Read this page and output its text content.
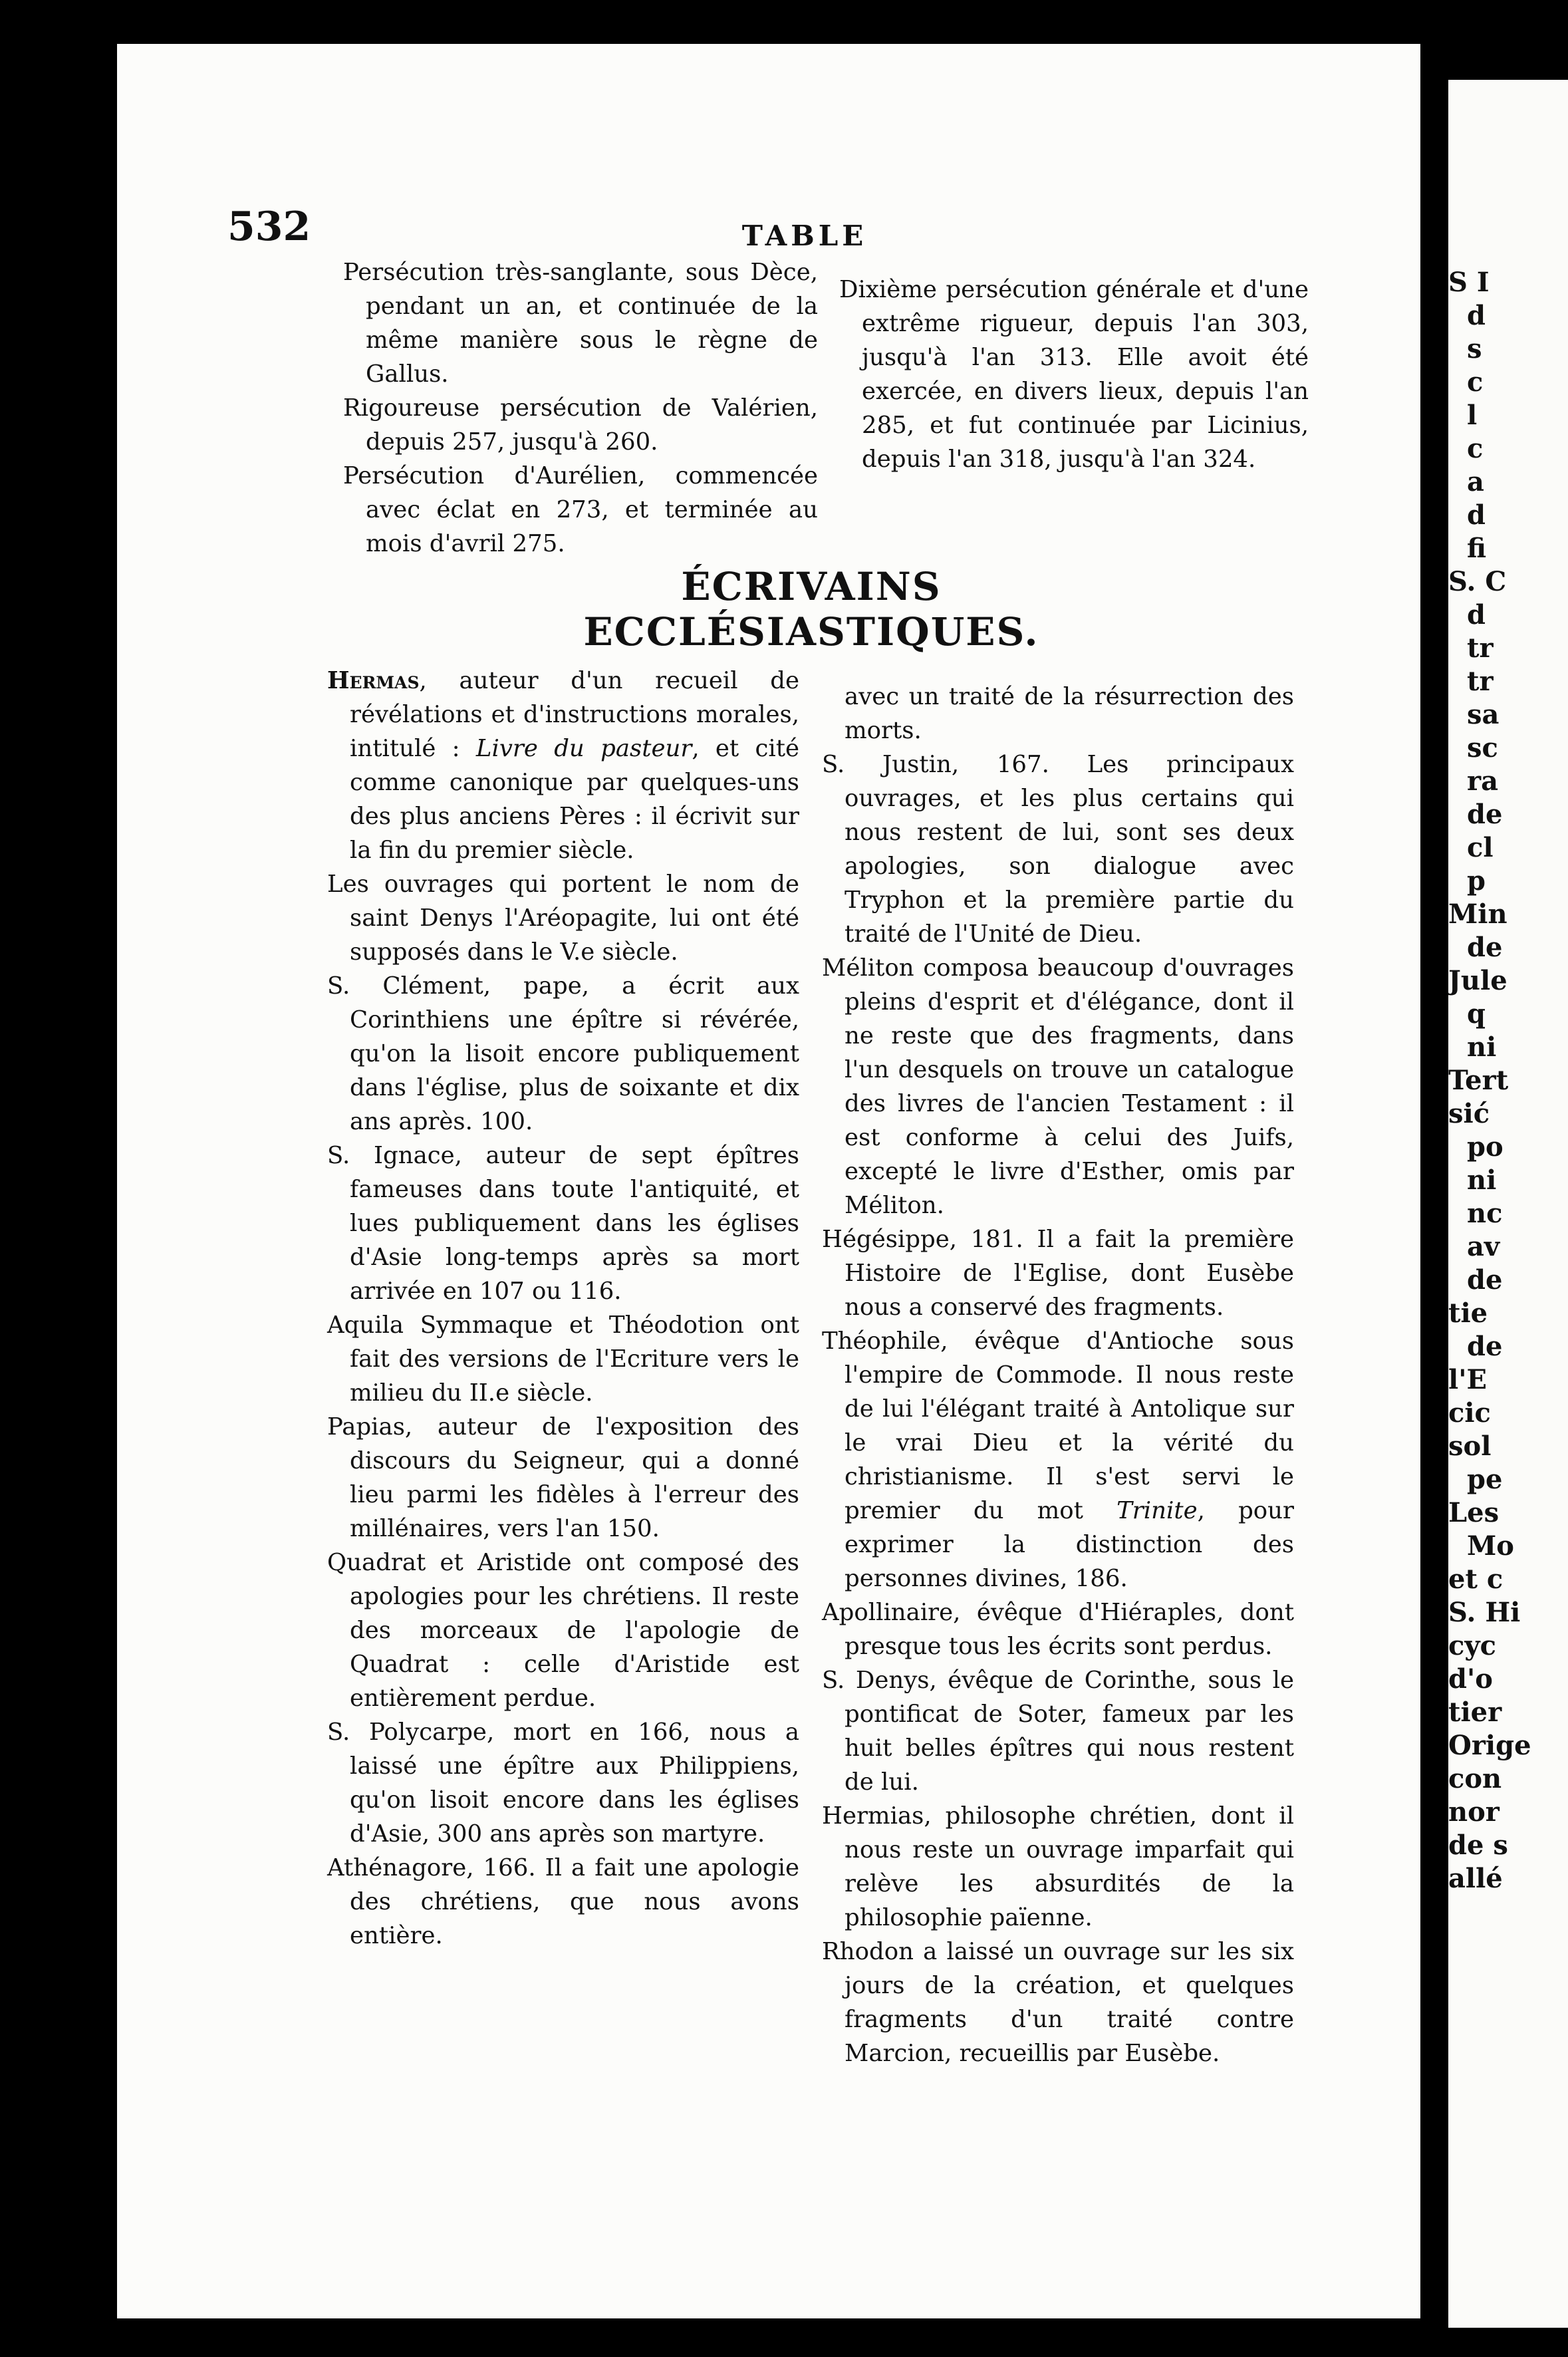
S I
d
s
c
l
c
a
d
fi
S. C
d
tr
tr
sa
sc
ra
de
cl
p
Min
de
Jule
q
ni
Tert
sić
po
ni
nc
av
de
tie
de
l'E
cic
sol
pe
Les
Mo
et c
S. Hi
cyc
d'o
tier
Orige
con
nor
de s
allé
532	TABLE

Persécution très-sanglante, sous Dèce, pendant un an, et continuée de la même manière sous le règne de Gallus.

Rigoureuse persécution de Valérien, depuis 257, jusqu'à 260.

Persécution d'Aurélien, commencée avec éclat en 273, et terminée au mois d'avril 275.

Dixième persécution générale et d'une extrême rigueur, depuis l'an 303, jusqu'à l'an 313. Elle avoit été exercée, en divers lieux, depuis l'an 285, et fut continuée par Licinius, depuis l'an 318, jusqu'à l'an 324.

ÉCRIVAINS ECCLÉSIASTIQUES.

Hermas, auteur d'un recueil de révélations et d'instructions morales, intitulé : Livre du pasteur, et cité comme canonique par quelques-uns des plus anciens Pères : il écrivit sur la fin du premier siècle.

Les ouvrages qui portent le nom de saint Denys l'Aréopagite, lui ont été supposés dans le V.e siècle.

S. Clément, pape, a écrit aux Corinthiens une épître si révérée, qu'on la lisoit encore publiquement dans l'église, plus de soixante et dix ans après. 100.

S. Ignace, auteur de sept épîtres fameuses dans toute l'antiquité, et lues publiquement dans les églises d'Asie long-temps après sa mort arrivée en 107 ou 116.

Aquila Symmaque et Théodotion ont fait des versions de l'Ecriture vers le milieu du II.e siècle.

Papias, auteur de l'exposition des discours du Seigneur, qui a donné lieu parmi les fidèles à l'erreur des millénaires, vers l'an 150.

Quadrat et Aristide ont composé des apologies pour les chrétiens. Il reste des morceaux de l'apologie de Quadrat : celle d'Aristide est entièrement perdue.

S. Polycarpe, mort en 166, nous a laissé une épître aux Philippiens, qu'on lisoit encore dans les églises d'Asie, 300 ans après son martyre.

Athénagore, 166. Il a fait une apologie des chrétiens, que nous avons entière.

avec un traité de la résurrection des morts.

S. Justin, 167. Les principaux ouvrages, et les plus certains qui nous restent de lui, sont ses deux apologies, son dialogue avec Tryphon et la première partie du traité de l'Unité de Dieu.

Méliton composa beaucoup d'ouvrages pleins d'esprit et d'élégance, dont il ne reste que des fragments, dans l'un desquels on trouve un catalogue des livres de l'ancien Testament : il est conforme à celui des Juifs, excepté le livre d'Esther, omis par Méliton.

Hégésippe, 181. Il a fait la première Histoire de l'Eglise, dont Eusèbe nous a conservé des fragments.

Théophile, évêque d'Antioche sous l'empire de Commode. Il nous reste de lui l'élégant traité à Antolique sur le vrai Dieu et la vérité du christianisme. Il s'est servi le premier du mot Trinite, pour exprimer la distinction des personnes divines, 186.

Apollinaire, évêque d'Hiéraples, dont presque tous les écrits sont perdus.

S. Denys, évêque de Corinthe, sous le pontificat de Soter, fameux par les huit belles épîtres qui nous restent de lui.

Hermias, philosophe chrétien, dont il nous reste un ouvrage imparfait qui relève les absurdités de la philosophie païenne.

Rhodon a laissé un ouvrage sur les six jours de la création, et quelques fragments d'un traité contre Marcion, recueillis par Eusèbe.
